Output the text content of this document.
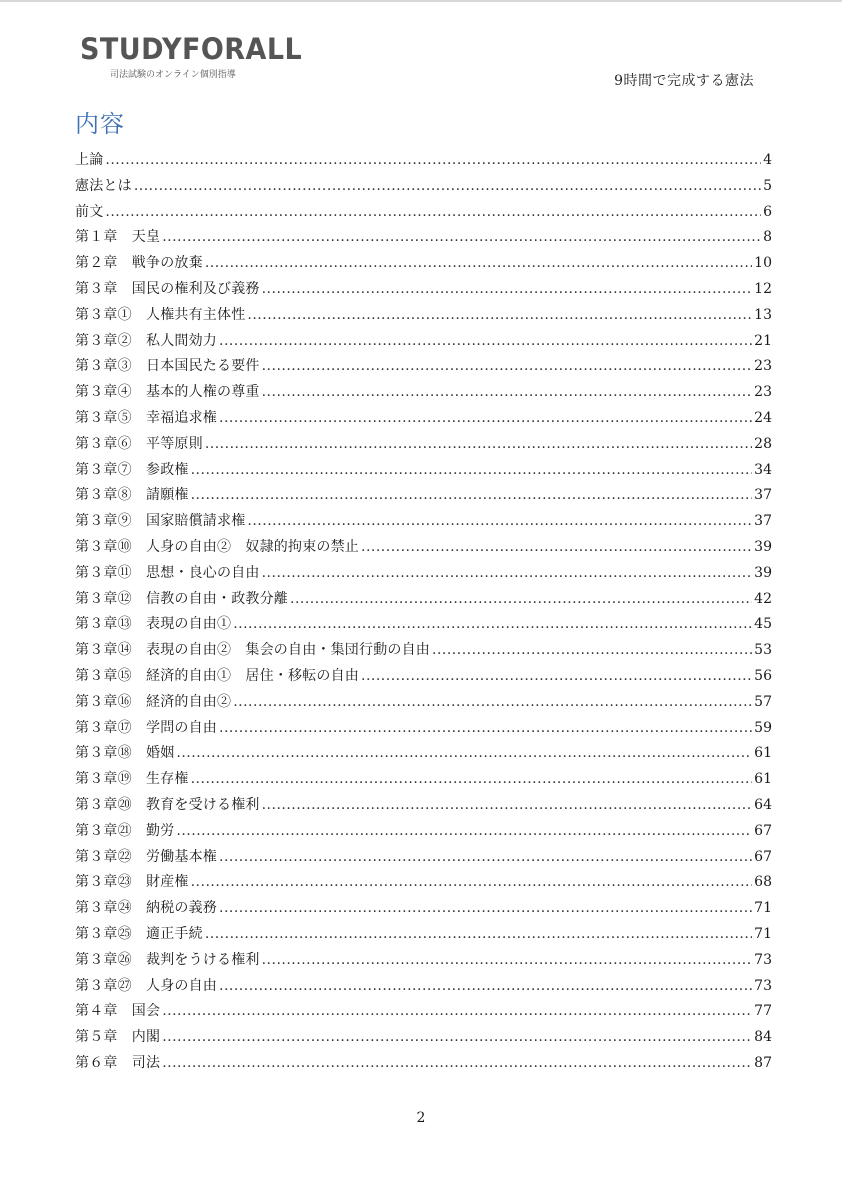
STUDYFORALL
司法試験のオンライン個別指導	9時間で完成する憲法
内容
上論 .....	4
憲法とは .....	5
前文 .....	6
第１章　天皇 .....	8
第２章　戦争の放棄 .....	10
第３章　国民の権利及び義務 .....	12
第３章①　人権共有主体性 .....	13
第３章②　私人間効力 .....	21
第３章③　日本国民たる要件 .....	23
第３章④　基本的人権の尊重 .....	23
第３章⑤　幸福追求権 .....	24
第３章⑥　平等原則 .....	28
第３章⑦　参政権 .....	34
第３章⑧　請願権 .....	37
第３章⑨　国家賠償請求権 .....	37
第３章⑩　人身の自由②　奴隷的拘束の禁止 .....	39
第３章⑪　思想・良心の自由 .....	39
第３章⑫　信教の自由・政教分離 .....	42
第３章⑬　表現の自由① .....	45
第３章⑭　表現の自由②　集会の自由・集団行動の自由 .....	53
第３章⑮　経済的自由①　居住・移転の自由 .....	56
第３章⑯　経済的自由② .....	57
第３章⑰　学問の自由 .....	59
第３章⑱　婚姻 .....	61
第３章⑲　生存権 .....	61
第３章⑳　教育を受ける権利 .....	64
第３章㉑　勤労 .....	67
第３章㉒　労働基本権 .....	67
第３章㉓　財産権 .....	68
第３章㉔　納税の義務 .....	71
第３章㉕　適正手続 .....	71
第３章㉖　裁判をうける権利 .....	73
第３章㉗　人身の自由 .....	73
第４章　国会 .....	77
第５章　内閣 .....	84
第６章　司法 .....	87
2
